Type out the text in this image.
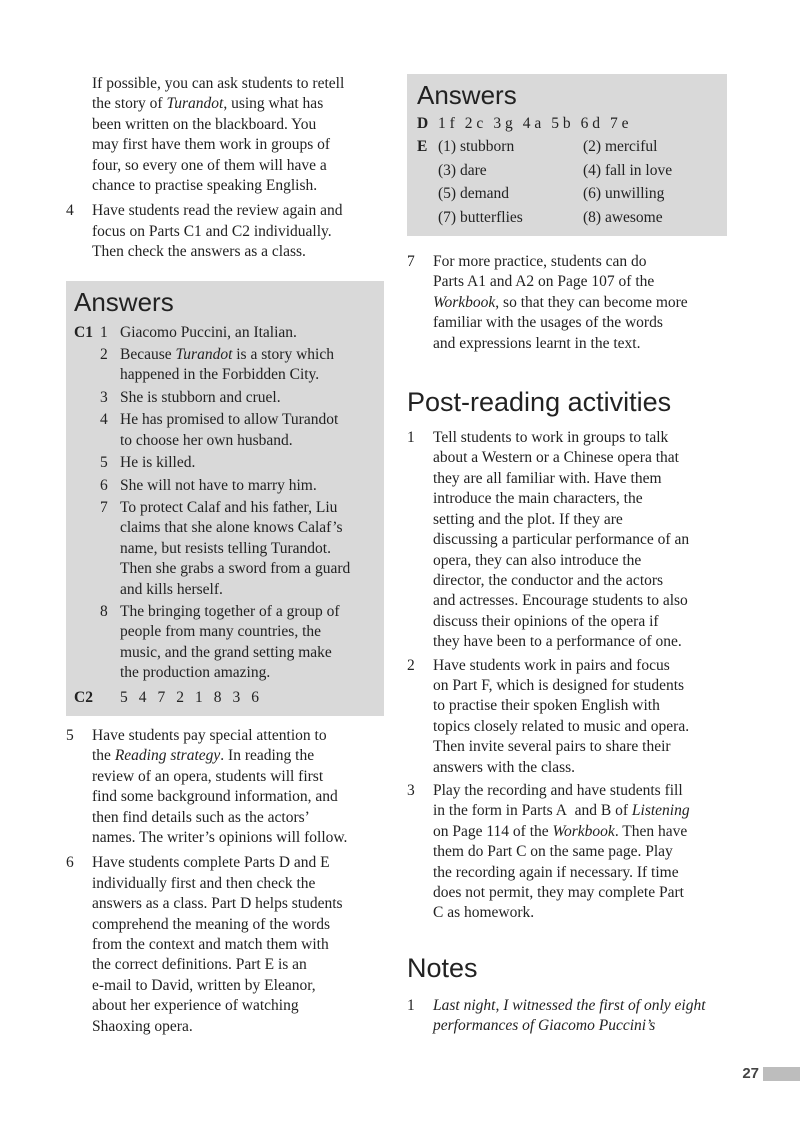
If possible, you can ask students to retell
the story of Turandot, using what has
been written on the blackboard. You
may first have them work in groups of
four, so every one of them will have a
chance to practise speaking English.
4 Have students read the review again and
focus on Parts C1 and C2 individually.
Then check the answers as a class.
Answers
C1 1 Giacomo Puccini, an Italian.
2 Because Turandot is a story which
happened in the Forbidden City.
3 She is stubborn and cruel.
4 He has promised to allow Turandot
to choose her own husband.
5 He is killed.
6 She will not have to marry him.
7 To protect Calaf and his father, Liu
claims that she alone knows Calaf’s
name, but resists telling Turandot.
Then she grabs a sword from a guard
and kills herself.
8 The bringing together of a group of
people from many countries, the
music, and the grand setting make
the production amazing.
C2 5 4 7 2 1 8 3 6
5 Have students pay special attention to
the Reading strategy. In reading the
review of an opera, students will first
find some background information, and
then find details such as the actors’
names. The writer’s opinions will follow.
6 Have students complete Parts D and E
individually first and then check the
answers as a class. Part D helps students
comprehend the meaning of the words
from the context and match them with
the correct definitions. Part E is an
e-mail to David, written by Eleanor,
about her experience of watching
Shaoxing opera.
Answers
D 1 f 2 c 3 g 4 a 5 b 6 d 7 e
E (1) stubborn	(2) merciful
(3) dare	(4) fall in love
(5) demand	(6) unwilling
(7) butterflies	(8) awesome
7 For more practice, students can do
Parts A1 and A2 on Page 107 of the
Workbook, so that they can become more
familiar with the usages of the words
and expressions learnt in the text.
Post-reading activities
1 Tell students to work in groups to talk
about a Western or a Chinese opera that
they are all familiar with. Have them
introduce the main characters, the
setting and the plot. If they are
discussing a particular performance of an
opera, they can also introduce the
director, the conductor and the actors
and actresses. Encourage students to also
discuss their opinions of the opera if
they have been to a performance of one.
2 Have students work in pairs and focus
on Part F, which is designed for students
to practise their spoken English with
topics closely related to music and opera.
Then invite several pairs to share their
answers with the class.
3 Play the recording and have students fill
in the form in Parts A  and B of Listening
on Page 114 of the Workbook. Then have
them do Part C on the same page. Play
the recording again if necessary. If time
does not permit, they may complete Part
C as homework.
Notes
1 Last night, I witnessed the first of only eight
performances of Giacomo Puccini’s
27
